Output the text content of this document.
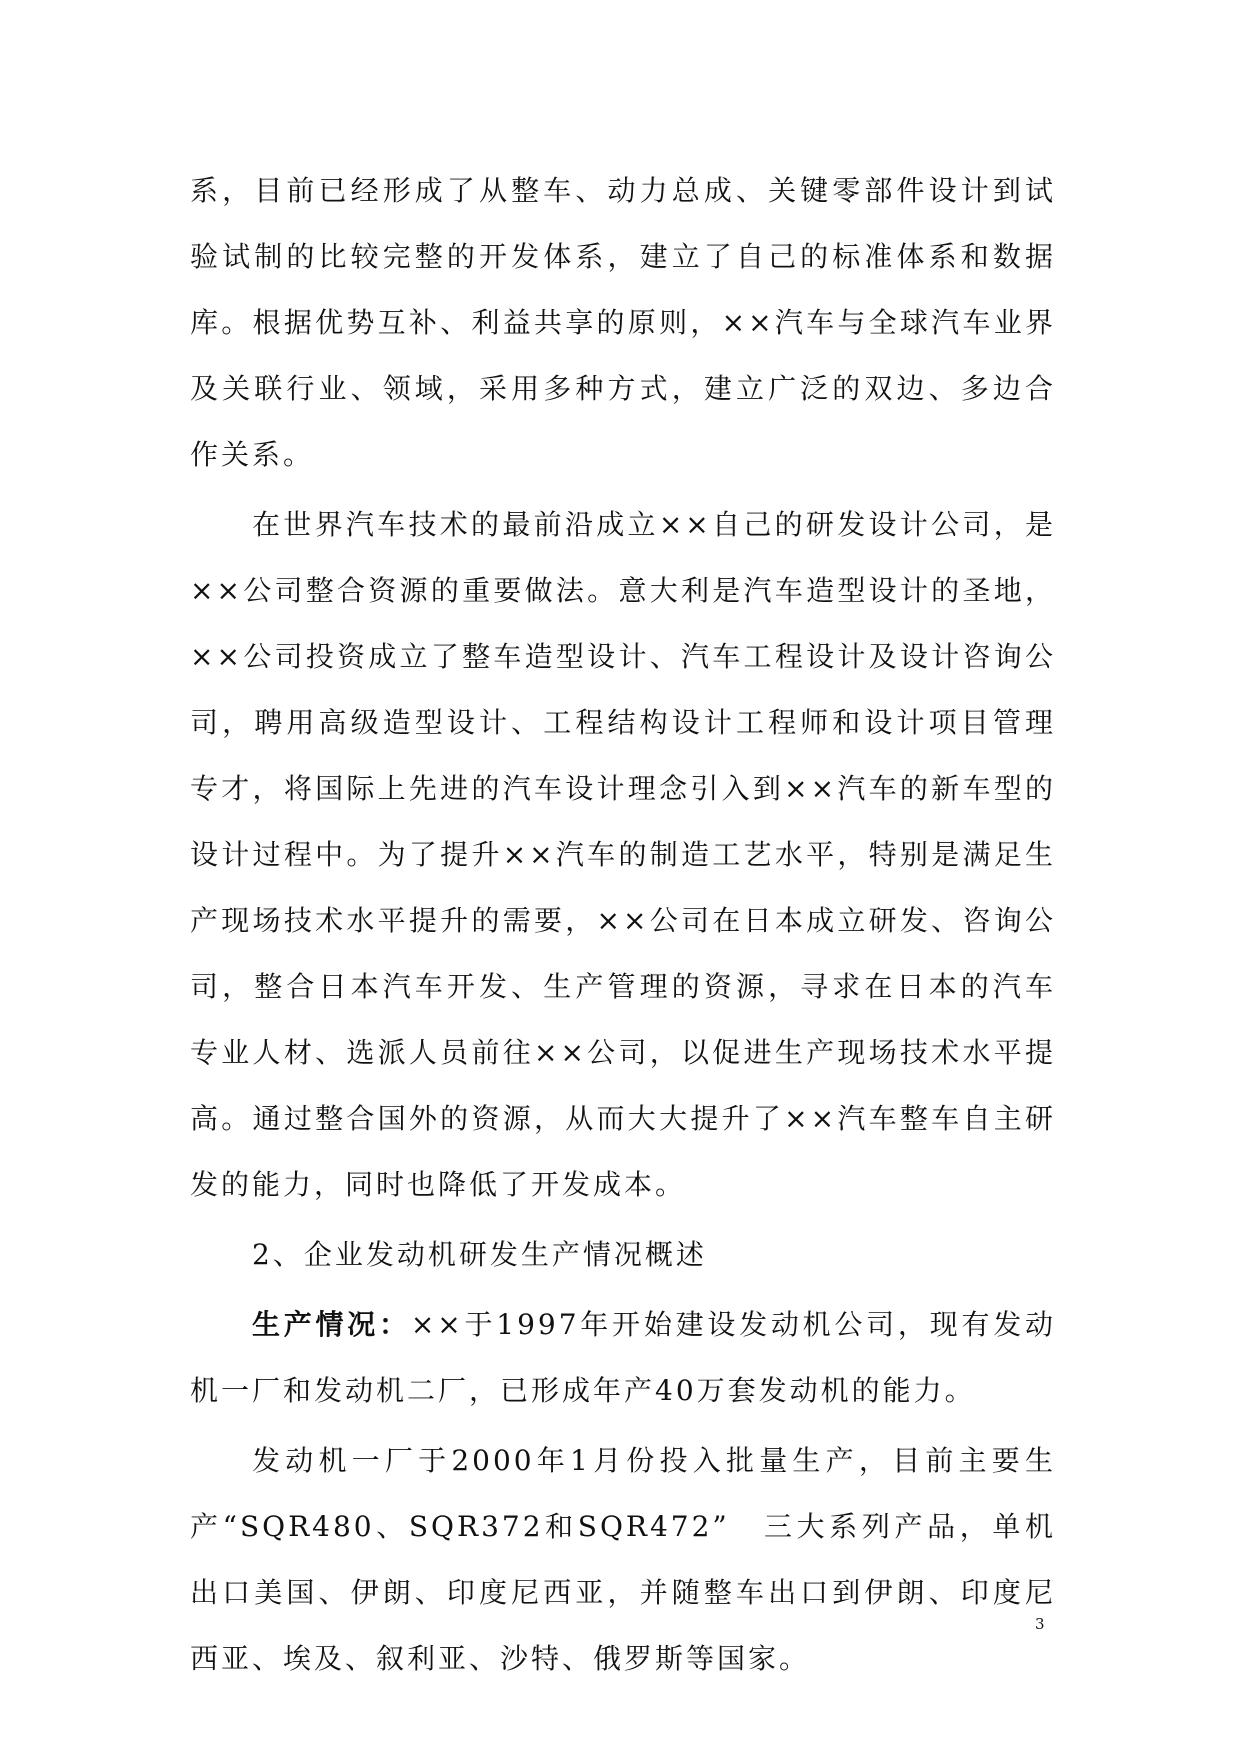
系，目前已经形成了从整车、动力总成、关键零部件设计到试验试制的比较完整的开发体系，建立了自己的标准体系和数据库。根据优势互补、利益共享的原则，××汽车与全球汽车业界及关联行业、领域，采用多种方式，建立广泛的双边、多边合作关系。

在世界汽车技术的最前沿成立××自己的研发设计公司，是××公司整合资源的重要做法。意大利是汽车造型设计的圣地，××公司投资成立了整车造型设计、汽车工程设计及设计咨询公司，聘用高级造型设计、工程结构设计工程师和设计项目管理专才，将国际上先进的汽车设计理念引入到××汽车的新车型的设计过程中。为了提升××汽车的制造工艺水平，特别是满足生产现场技术水平提升的需要，××公司在日本成立研发、咨询公司，整合日本汽车开发、生产管理的资源，寻求在日本的汽车专业人材、选派人员前往××公司，以促进生产现场技术水平提高。通过整合国外的资源，从而大大提升了××汽车整车自主研发的能力，同时也降低了开发成本。

2、企业发动机研发生产情况概述

生产情况：××于1997年开始建设发动机公司，现有发动机一厂和发动机二厂，已形成年产40万套发动机的能力。

发动机一厂于2000年1月份投入批量生产，目前主要生产“SQR480、SQR372和SQR472”　三大系列产品，单机出口美国、伊朗、印度尼西亚，并随整车出口到伊朗、印度尼西亚、埃及、叙利亚、沙特、俄罗斯等国家。

3
